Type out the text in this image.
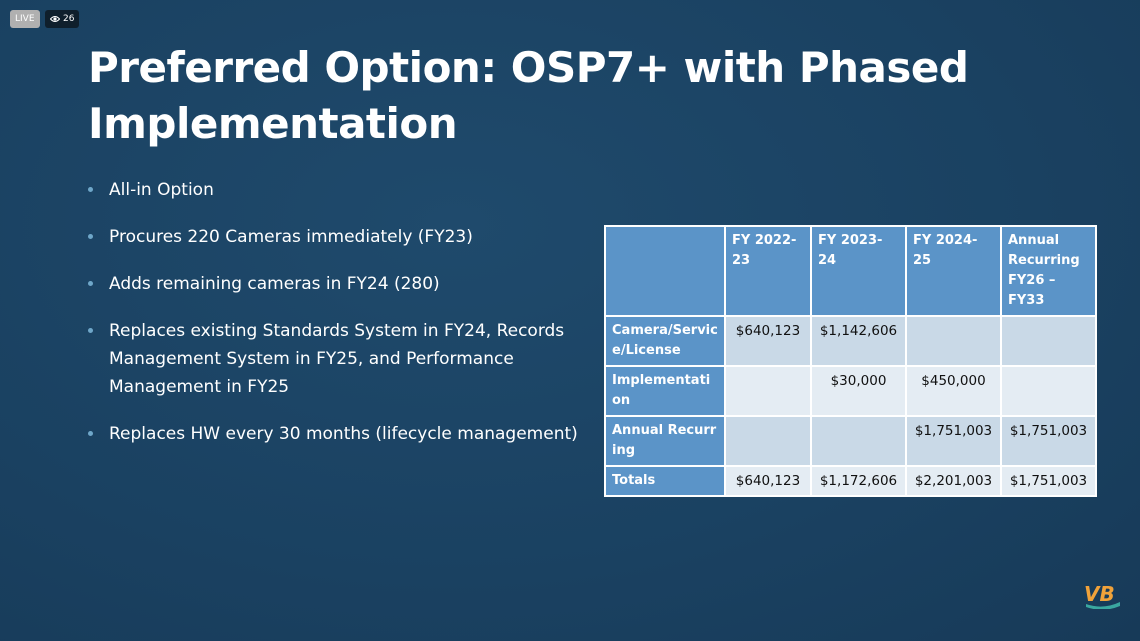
LIVE	26
Preferred Option: OSP7+ with Phased
Implementation
All-in Option
Procures 220 Cameras immediately (FY23)
Adds remaining cameras in FY24 (280)
Replaces existing Standards System in FY24, Records Management System in FY25, and Performance Management in FY25
Replaces HW every 30 months (lifecycle management)
	FY 2022-23	FY 2023-24	FY 2024-25	Annual Recurring FY26 –FY33
Camera/Service/License	$640,123	$1,142,606		
Implementation		$30,000	$450,000	
Annual Recurring			$1,751,003	$1,751,003
Totals	$640,123	$1,172,606	$2,201,003	$1,751,003
VB
